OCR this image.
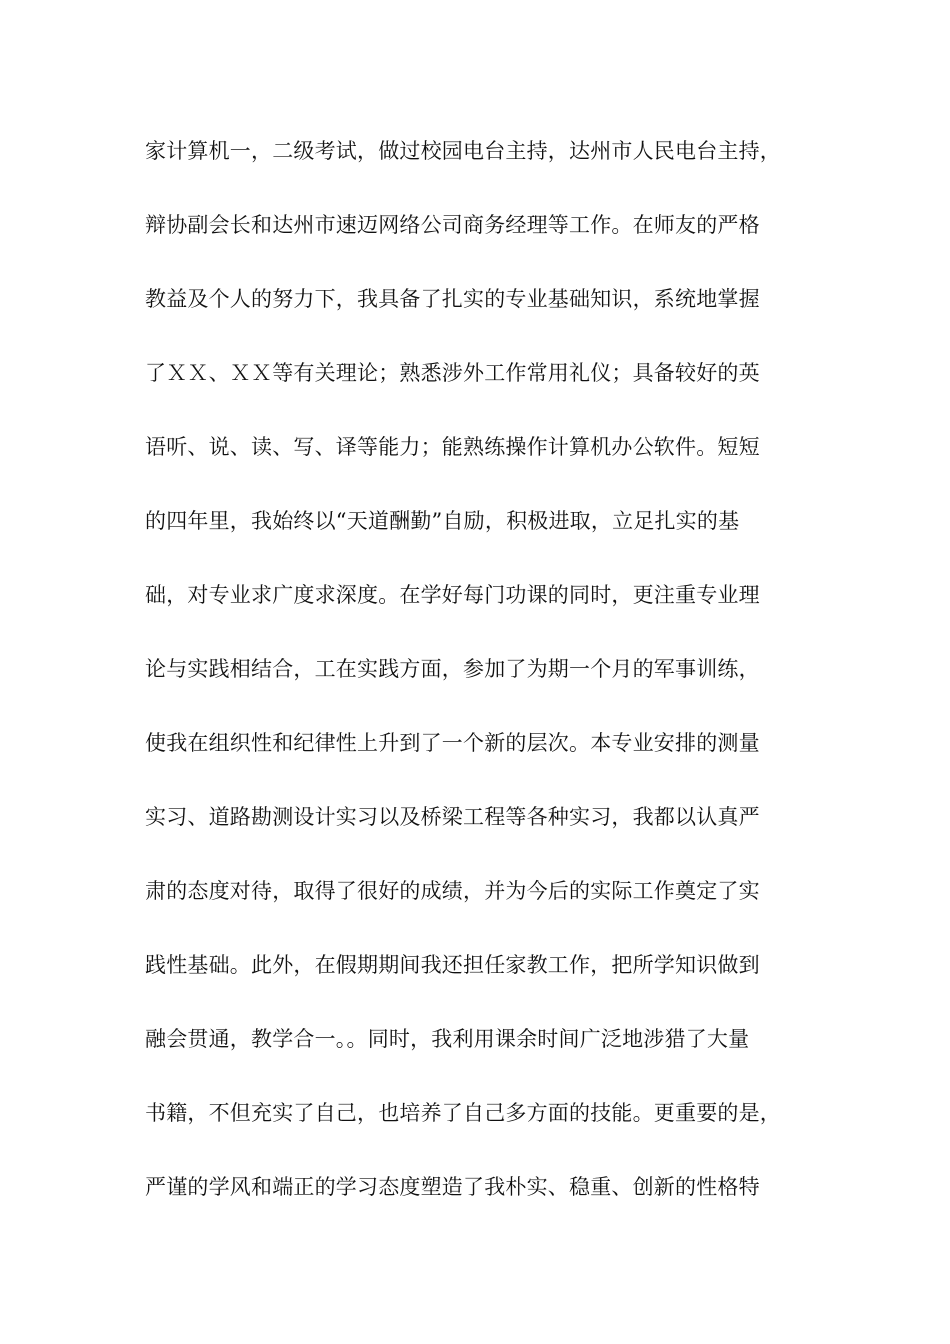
家计算机一，二级考试，做过校园电台主持，达州市人民电台主持，
辩协副会长和达州市速迈网络公司商务经理等工作。在师友的严格
教益及个人的努力下，我具备了扎实的专业基础知识，系统地掌握
了ＸＸ、ＸＸ等有关理论；熟悉涉外工作常用礼仪；具备较好的英
语听、说、读、写、译等能力；能熟练操作计算机办公软件。短短
的四年里，我始终以“天道酬勤”自励，积极进取，立足扎实的基
础，对专业求广度求深度。在学好每门功课的同时，更注重专业理
论与实践相结合，工在实践方面，参加了为期一个月的军事训练，
使我在组织性和纪律性上升到了一个新的层次。本专业安排的测量
实习、道路勘测设计实习以及桥梁工程等各种实习，我都以认真严
肃的态度对待，取得了很好的成绩，并为今后的实际工作奠定了实
践性基础。此外，在假期期间我还担任家教工作，把所学知识做到
融会贯通，教学合一。。同时，我利用课余时间广泛地涉猎了大量
书籍，不但充实了自己，也培养了自己多方面的技能。更重要的是，
严谨的学风和端正的学习态度塑造了我朴实、稳重、创新的性格特
